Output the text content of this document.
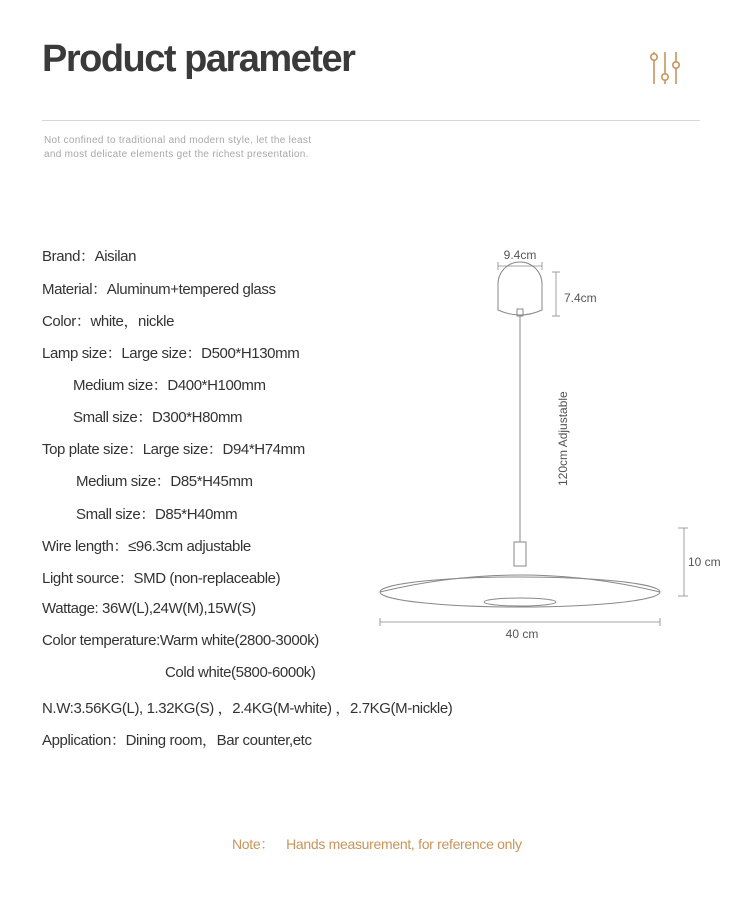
Product parameter
Not confined to traditional and modern style, let the least and most delicate elements get the richest presentation.
Brand：Aisilan
Material：Aluminum+tempered glass
Color：white，nickle
Lamp size：Large size：D500*H130mm
Medium size：D400*H100mm
Small size：D300*H80mm
Top plate size：Large size：D94*H74mm
Medium size：D85*H45mm
Small size：D85*H40mm
Wire length：≤96.3cm adjustable
Light source：SMD (non-replaceable)
Wattage: 36W(L),24W(M),15W(S)
Color temperature:Warm white(2800-3000k)
Cold white(5800-6000k)
N.W:3.56KG(L), 1.32KG(S) ，2.4KG(M-white) ，2.7KG(M-nickle)
Application：Dining room，Bar counter,etc
9.4cm
7.4cm
120cm Adjustable
10 cm
40 cm
Note： Hands measurement, for reference only
